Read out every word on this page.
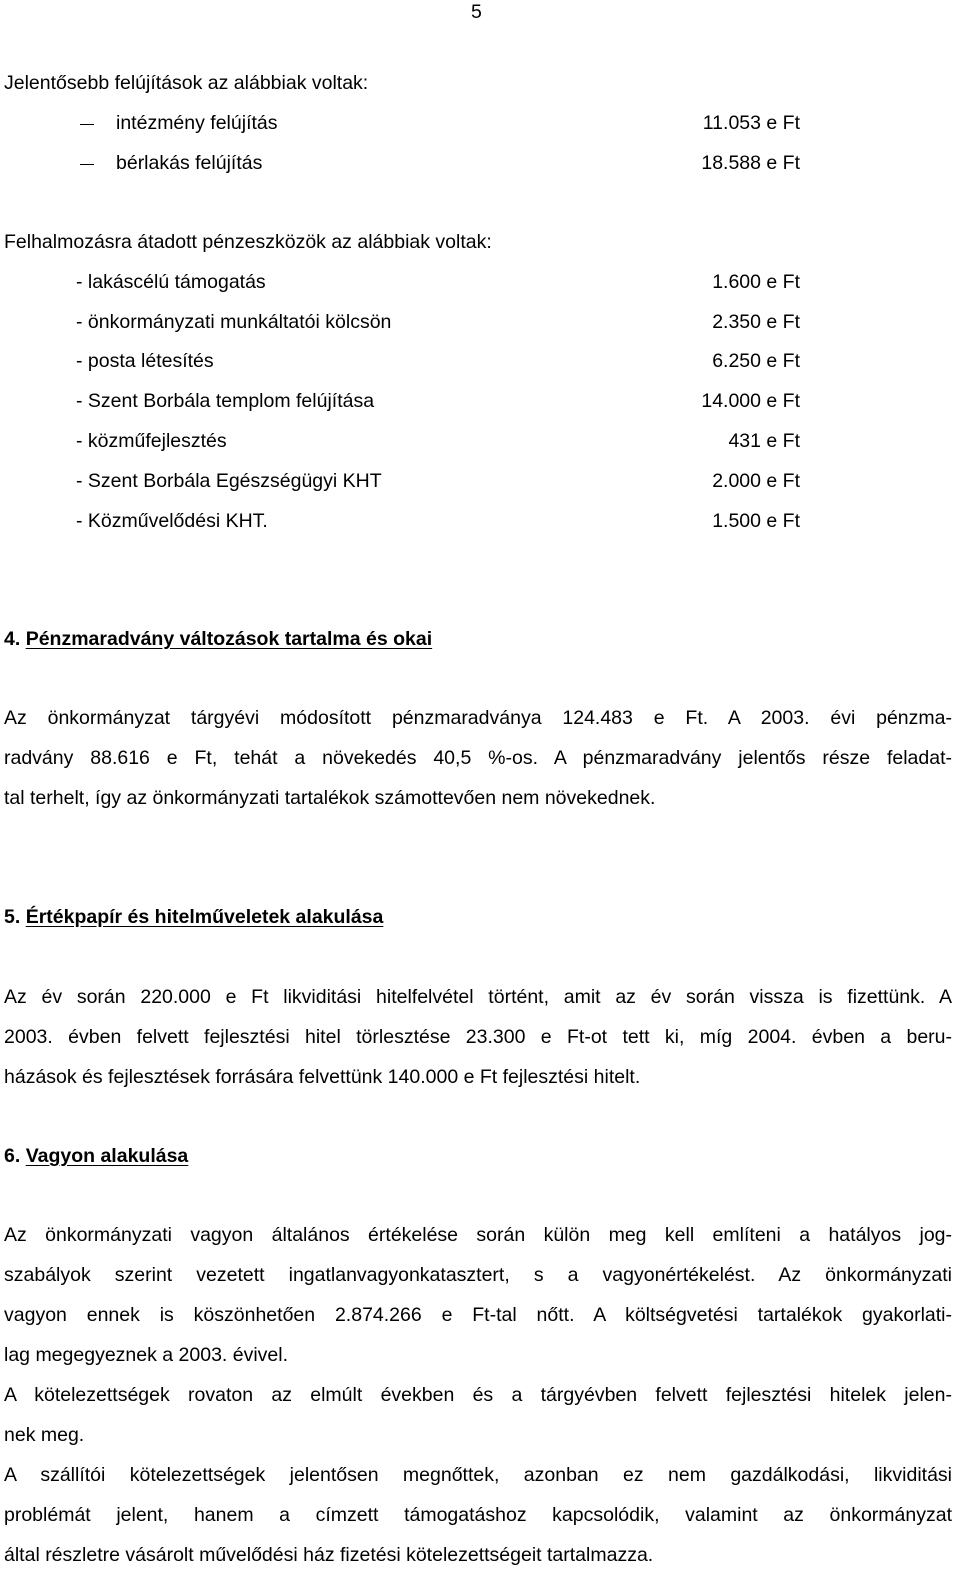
5
Jelentősebb felújítások az alábbiak voltak:
intézmény felújítás	11.053 e Ft
bérlakás felújítás	18.588 e Ft
Felhalmozásra átadott pénzeszközök az alábbiak voltak:
- lakáscélú támogatás	1.600 e Ft
- önkormányzati munkáltatói kölcsön	2.350 e Ft
- posta létesítés	6.250 e Ft
- Szent Borbála templom felújítása	14.000 e Ft
- közműfejlesztés	431 e Ft
- Szent Borbála Egészségügyi KHT	2.000 e Ft
- Közművelődési KHT.	1.500 e Ft
4. Pénzmaradvány változások tartalma és okai
Az önkormányzat tárgyévi módosított pénzmaradványa 124.483 e Ft. A 2003. évi pénzma-
radvány 88.616 e Ft, tehát a növekedés 40,5 %-os. A pénzmaradvány jelentős része feladat-
tal terhelt, így az önkormányzati tartalékok számottevően nem növekednek.
5. Értékpapír és hitelműveletek alakulása
Az év során 220.000 e Ft likviditási hitelfelvétel történt, amit az év során vissza is fizettünk. A
2003. évben felvett fejlesztési hitel törlesztése 23.300 e Ft-ot tett ki, míg 2004. évben a beru-
házások és fejlesztések forrására felvettünk 140.000 e Ft fejlesztési hitelt.
6. Vagyon alakulása
Az önkormányzati vagyon általános értékelése során külön meg kell említeni a hatályos jog-
szabályok szerint vezetett ingatlanvagyonkatasztert, s a vagyonértékelést. Az önkormányzati
vagyon ennek is köszönhetően 2.874.266 e Ft-tal nőtt. A költségvetési tartalékok gyakorlati-
lag megegyeznek a 2003. évivel.
A kötelezettségek rovaton az elmúlt években és a tárgyévben felvett fejlesztési hitelek jelen-
nek meg.
A szállítói kötelezettségek jelentősen megnőttek, azonban ez nem gazdálkodási, likviditási
problémát jelent, hanem a címzett támogatáshoz kapcsolódik, valamint az önkormányzat
által részletre vásárolt művelődési ház fizetési kötelezettségeit tartalmazza.
